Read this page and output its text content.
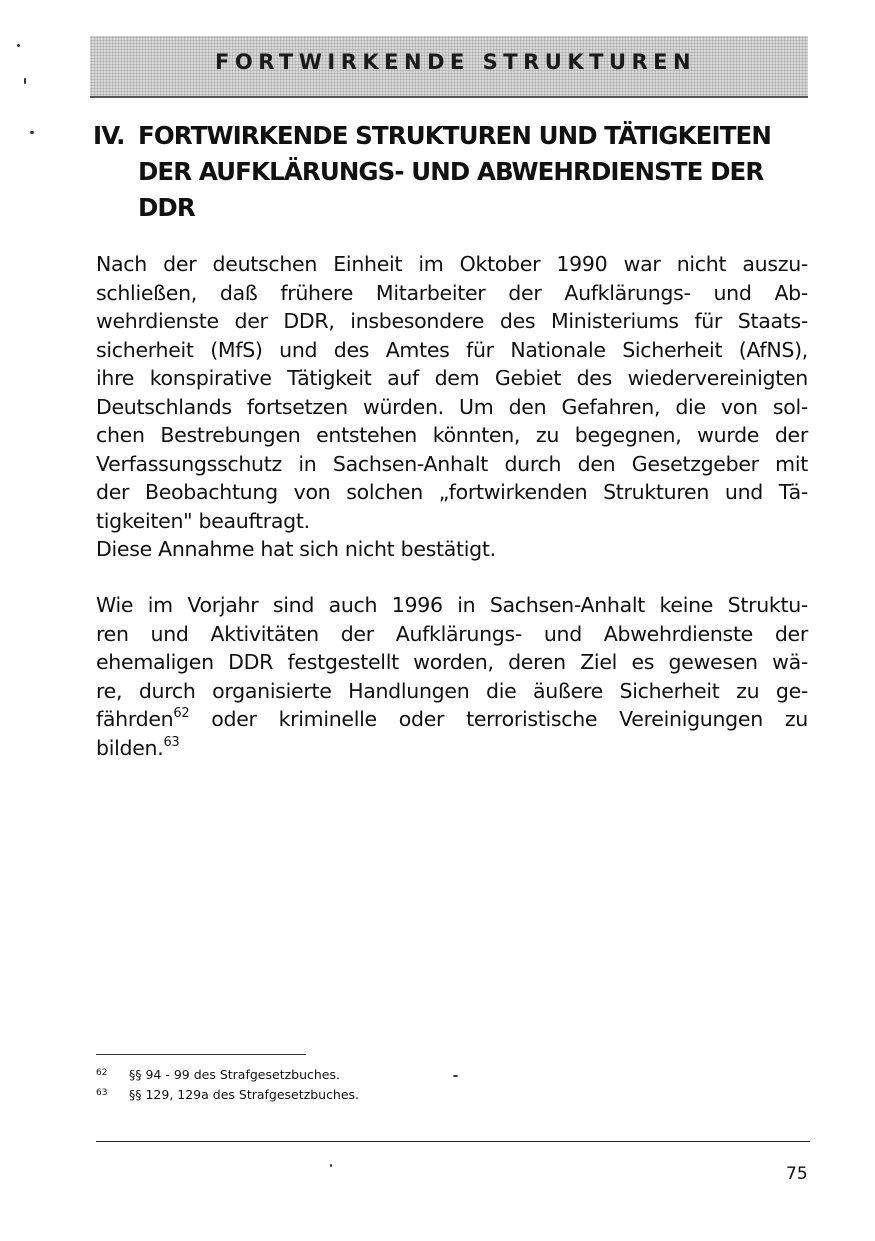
FORTWIRKENDE STRUKTUREN
IV. FORTWIRKENDE STRUKTUREN UND TÄTIGKEITEN
DER AUFKLÄRUNGS- UND ABWEHRDIENSTE DER
DDR
Nach der deutschen Einheit im Oktober 1990 war nicht auszu-
schließen, daß frühere Mitarbeiter der Aufklärungs- und Ab-
wehrdienste der DDR, insbesondere des Ministeriums für Staats-
sicherheit (MfS) und des Amtes für Nationale Sicherheit (AfNS),
ihre konspirative Tätigkeit auf dem Gebiet des wiedervereinigten
Deutschlands fortsetzen würden. Um den Gefahren, die von sol-
chen Bestrebungen entstehen könnten, zu begegnen, wurde der
Verfassungsschutz in Sachsen-Anhalt durch den Gesetzgeber mit
der Beobachtung von solchen „fortwirkenden Strukturen und Tä-
tigkeiten" beauftragt.
Diese Annahme hat sich nicht bestätigt.
Wie im Vorjahr sind auch 1996 in Sachsen-Anhalt keine Struktu-
ren und Aktivitäten der Aufklärungs- und Abwehrdienste der
ehemaligen DDR festgestellt worden, deren Ziel es gewesen wä-
re, durch organisierte Handlungen die äußere Sicherheit zu ge-
fährden$^{62}$ oder kriminelle oder terroristische Vereinigungen zu
bilden.$^{63}$
62 §§ 94 - 99 des Strafgesetzbuches.
63 §§ 129, 129a des Strafgesetzbuches.
75
